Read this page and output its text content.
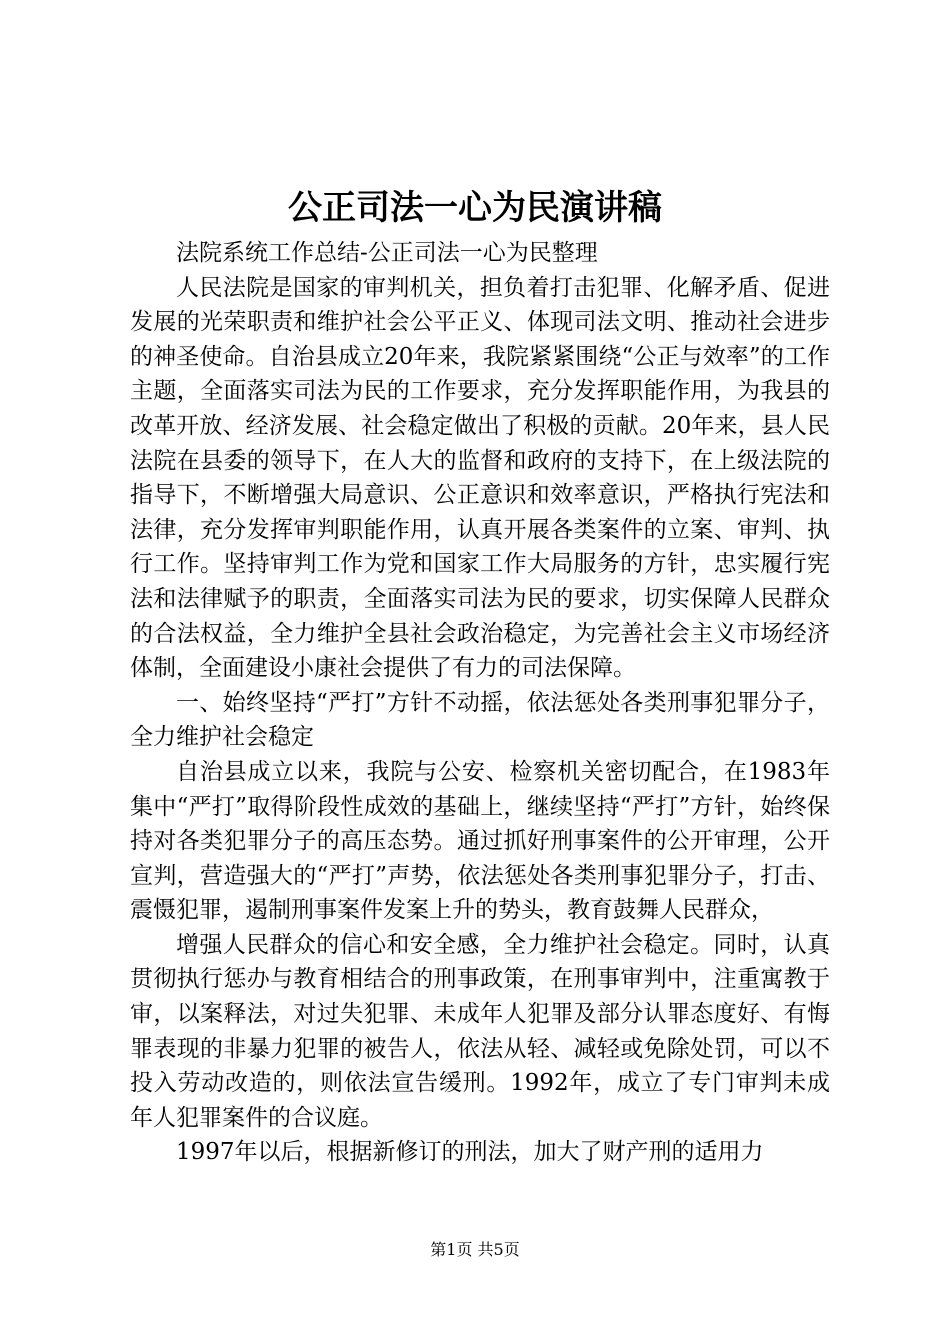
公正司法一心为民演讲稿

法院系统工作总结-公正司法一心为民整理

人民法院是国家的审判机关，担负着打击犯罪、化解矛盾、促进发展的光荣职责和维护社会公平正义、体现司法文明、推动社会进步的神圣使命。自治县成立20年来，我院紧紧围绕“公正与效率”的工作主题，全面落实司法为民的工作要求，充分发挥职能作用，为我县的改革开放、经济发展、社会稳定做出了积极的贡献。20年来，县人民法院在县委的领导下，在人大的监督和政府的支持下，在上级法院的指导下，不断增强大局意识、公正意识和效率意识，严格执行宪法和法律，充分发挥审判职能作用，认真开展各类案件的立案、审判、执行工作。坚持审判工作为党和国家工作大局服务的方针，忠实履行宪法和法律赋予的职责，全面落实司法为民的要求，切实保障人民群众的合法权益，全力维护全县社会政治稳定，为完善社会主义市场经济体制，全面建设小康社会提供了有力的司法保障。

一、始终坚持“严打”方针不动摇，依法惩处各类刑事犯罪分子，全力维护社会稳定

自治县成立以来，我院与公安、检察机关密切配合，在1983年集中“严打”取得阶段性成效的基础上，继续坚持“严打”方针，始终保持对各类犯罪分子的高压态势。通过抓好刑事案件的公开审理，公开宣判，营造强大的“严打”声势，依法惩处各类刑事犯罪分子，打击、震慑犯罪，遏制刑事案件发案上升的势头，教育鼓舞人民群众，

增强人民群众的信心和安全感，全力维护社会稳定。同时，认真贯彻执行惩办与教育相结合的刑事政策，在刑事审判中，注重寓教于审，以案释法，对过失犯罪、未成年人犯罪及部分认罪态度好、有悔罪表现的非暴力犯罪的被告人，依法从轻、减轻或免除处罚，可以不投入劳动改造的，则依法宣告缓刑。1992年，成立了专门审判未成年人犯罪案件的合议庭。

1997年以后，根据新修订的刑法，加大了财产刑的适用力

第1页 共5页
